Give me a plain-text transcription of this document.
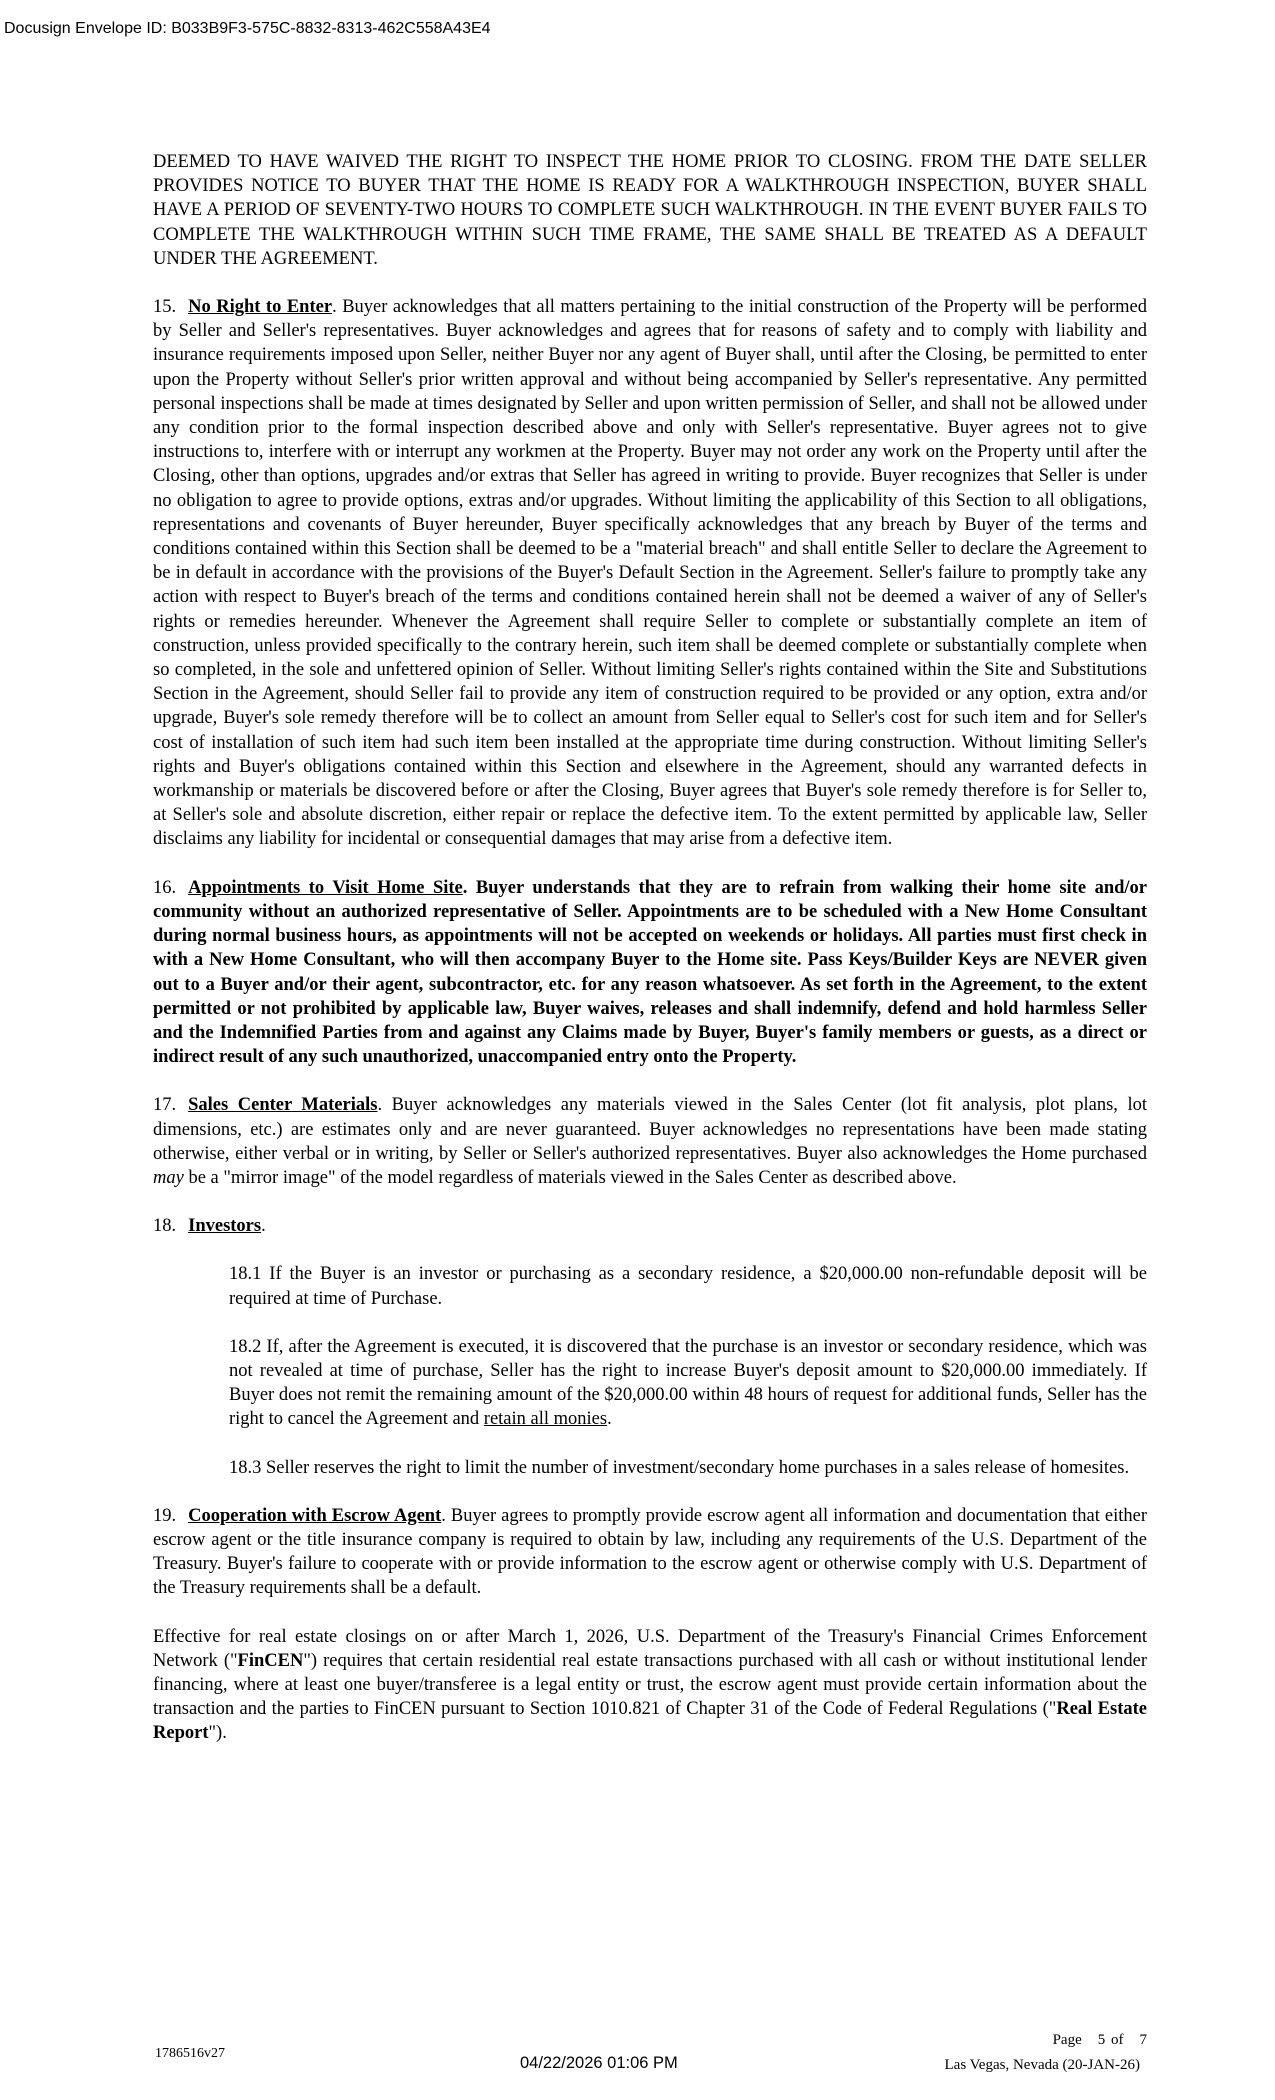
Docusign Envelope ID: B033B9F3-575C-8832-8313-462C558A43E4

DEEMED TO HAVE WAIVED THE RIGHT TO INSPECT THE HOME PRIOR TO CLOSING. FROM THE DATE SELLER PROVIDES NOTICE TO BUYER THAT THE HOME IS READY FOR A WALKTHROUGH INSPECTION, BUYER SHALL HAVE A PERIOD OF SEVENTY-TWO HOURS TO COMPLETE SUCH WALKTHROUGH. IN THE EVENT BUYER FAILS TO COMPLETE THE WALKTHROUGH WITHIN SUCH TIME FRAME, THE SAME SHALL BE TREATED AS A DEFAULT UNDER THE AGREEMENT.

15. No Right to Enter. Buyer acknowledges that all matters pertaining to the initial construction of the Property will be performed by Seller and Seller's representatives. Buyer acknowledges and agrees that for reasons of safety and to comply with liability and insurance requirements imposed upon Seller, neither Buyer nor any agent of Buyer shall, until after the Closing, be permitted to enter upon the Property without Seller's prior written approval and without being accompanied by Seller's representative. Any permitted personal inspections shall be made at times designated by Seller and upon written permission of Seller, and shall not be allowed under any condition prior to the formal inspection described above and only with Seller's representative. Buyer agrees not to give instructions to, interfere with or interrupt any workmen at the Property. Buyer may not order any work on the Property until after the Closing, other than options, upgrades and/or extras that Seller has agreed in writing to provide. Buyer recognizes that Seller is under no obligation to agree to provide options, extras and/or upgrades. Without limiting the applicability of this Section to all obligations, representations and covenants of Buyer hereunder, Buyer specifically acknowledges that any breach by Buyer of the terms and conditions contained within this Section shall be deemed to be a "material breach" and shall entitle Seller to declare the Agreement to be in default in accordance with the provisions of the Buyer's Default Section in the Agreement. Seller's failure to promptly take any action with respect to Buyer's breach of the terms and conditions contained herein shall not be deemed a waiver of any of Seller's rights or remedies hereunder. Whenever the Agreement shall require Seller to complete or substantially complete an item of construction, unless provided specifically to the contrary herein, such item shall be deemed complete or substantially complete when so completed, in the sole and unfettered opinion of Seller. Without limiting Seller's rights contained within the Site and Substitutions Section in the Agreement, should Seller fail to provide any item of construction required to be provided or any option, extra and/or upgrade, Buyer's sole remedy therefore will be to collect an amount from Seller equal to Seller's cost for such item and for Seller's cost of installation of such item had such item been installed at the appropriate time during construction. Without limiting Seller's rights and Buyer's obligations contained within this Section and elsewhere in the Agreement, should any warranted defects in workmanship or materials be discovered before or after the Closing, Buyer agrees that Buyer's sole remedy therefore is for Seller to, at Seller's sole and absolute discretion, either repair or replace the defective item. To the extent permitted by applicable law, Seller disclaims any liability for incidental or consequential damages that may arise from a defective item.

16. Appointments to Visit Home Site. Buyer understands that they are to refrain from walking their home site and/or community without an authorized representative of Seller. Appointments are to be scheduled with a New Home Consultant during normal business hours, as appointments will not be accepted on weekends or holidays. All parties must first check in with a New Home Consultant, who will then accompany Buyer to the Home site. Pass Keys/Builder Keys are NEVER given out to a Buyer and/or their agent, subcontractor, etc. for any reason whatsoever. As set forth in the Agreement, to the extent permitted or not prohibited by applicable law, Buyer waives, releases and shall indemnify, defend and hold harmless Seller and the Indemnified Parties from and against any Claims made by Buyer, Buyer's family members or guests, as a direct or indirect result of any such unauthorized, unaccompanied entry onto the Property.

17. Sales Center Materials. Buyer acknowledges any materials viewed in the Sales Center (lot fit analysis, plot plans, lot dimensions, etc.) are estimates only and are never guaranteed. Buyer acknowledges no representations have been made stating otherwise, either verbal or in writing, by Seller or Seller's authorized representatives. Buyer also acknowledges the Home purchased may be a "mirror image" of the model regardless of materials viewed in the Sales Center as described above.

18. Investors.

18.1 If the Buyer is an investor or purchasing as a secondary residence, a $20,000.00 non-refundable deposit will be required at time of Purchase.

18.2 If, after the Agreement is executed, it is discovered that the purchase is an investor or secondary residence, which was not revealed at time of purchase, Seller has the right to increase Buyer's deposit amount to $20,000.00 immediately. If Buyer does not remit the remaining amount of the $20,000.00 within 48 hours of request for additional funds, Seller has the right to cancel the Agreement and retain all monies.

18.3 Seller reserves the right to limit the number of investment/secondary home purchases in a sales release of homesites.

19. Cooperation with Escrow Agent. Buyer agrees to promptly provide escrow agent all information and documentation that either escrow agent or the title insurance company is required to obtain by law, including any requirements of the U.S. Department of the Treasury. Buyer's failure to cooperate with or provide information to the escrow agent or otherwise comply with U.S. Department of the Treasury requirements shall be a default.

Effective for real estate closings on or after March 1, 2026, U.S. Department of the Treasury's Financial Crimes Enforcement Network ("FinCEN") requires that certain residential real estate transactions purchased with all cash or without institutional lender financing, where at least one buyer/transferee is a legal entity or trust, the escrow agent must provide certain information about the transaction and the parties to FinCEN pursuant to Section 1010.821 of Chapter 31 of the Code of Federal Regulations ("Real Estate Report").

1786516v27
04/22/2026 01:06 PM
Page 5 of 7
Las Vegas, Nevada (20-JAN-26)
